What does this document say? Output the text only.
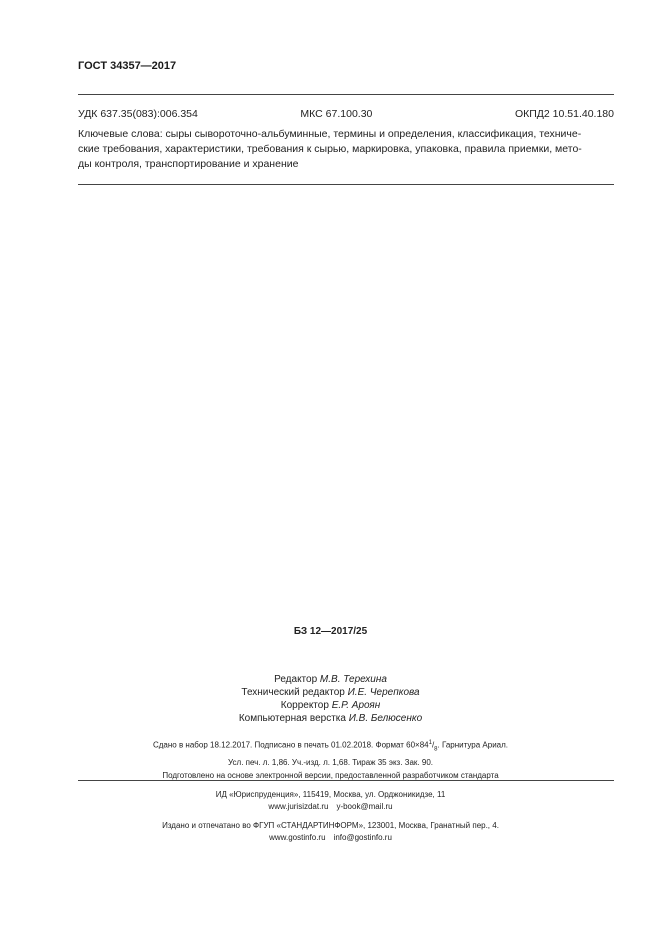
ГОСТ 34357—2017
УДК 637.35(083):006.354	МКС 67.100.30	ОКПД2 10.51.40.180
Ключевые слова: сыры сывороточно-альбуминные, термины и определения, классификация, техниче-
ские требования, характеристики, требования к сырью, маркировка, упаковка, правила приемки, мето-
ды контроля, транспортирование и хранение
БЗ 12—2017/25
Редактор М.В. Терехина
Технический редактор И.Е. Черепкова
Корректор Е.Р. Ароян
Компьютерная верстка И.В. Белюсенко
Сдано в набор 18.12.2017. Подписано в печать 01.02.2018. Формат $60\times 84^1/_8$. Гарнитура Ариал.
Усл. печ. л. 1,86. Уч.-изд. л. 1,68. Тираж 35 экз. Зак. 90.
Подготовлено на основе электронной версии, предоставленной разработчиком стандарта
ИД «Юриспруденция», 115419, Москва, ул. Орджоникидзе, 11
www.jurisizdat.ru y-book@mail.ru
Издано и отпечатано во ФГУП «СТАНДАРТИНФОРМ», 123001, Москва, Гранатный пер., 4.
www.gostinfo.ru info@gostinfo.ru
